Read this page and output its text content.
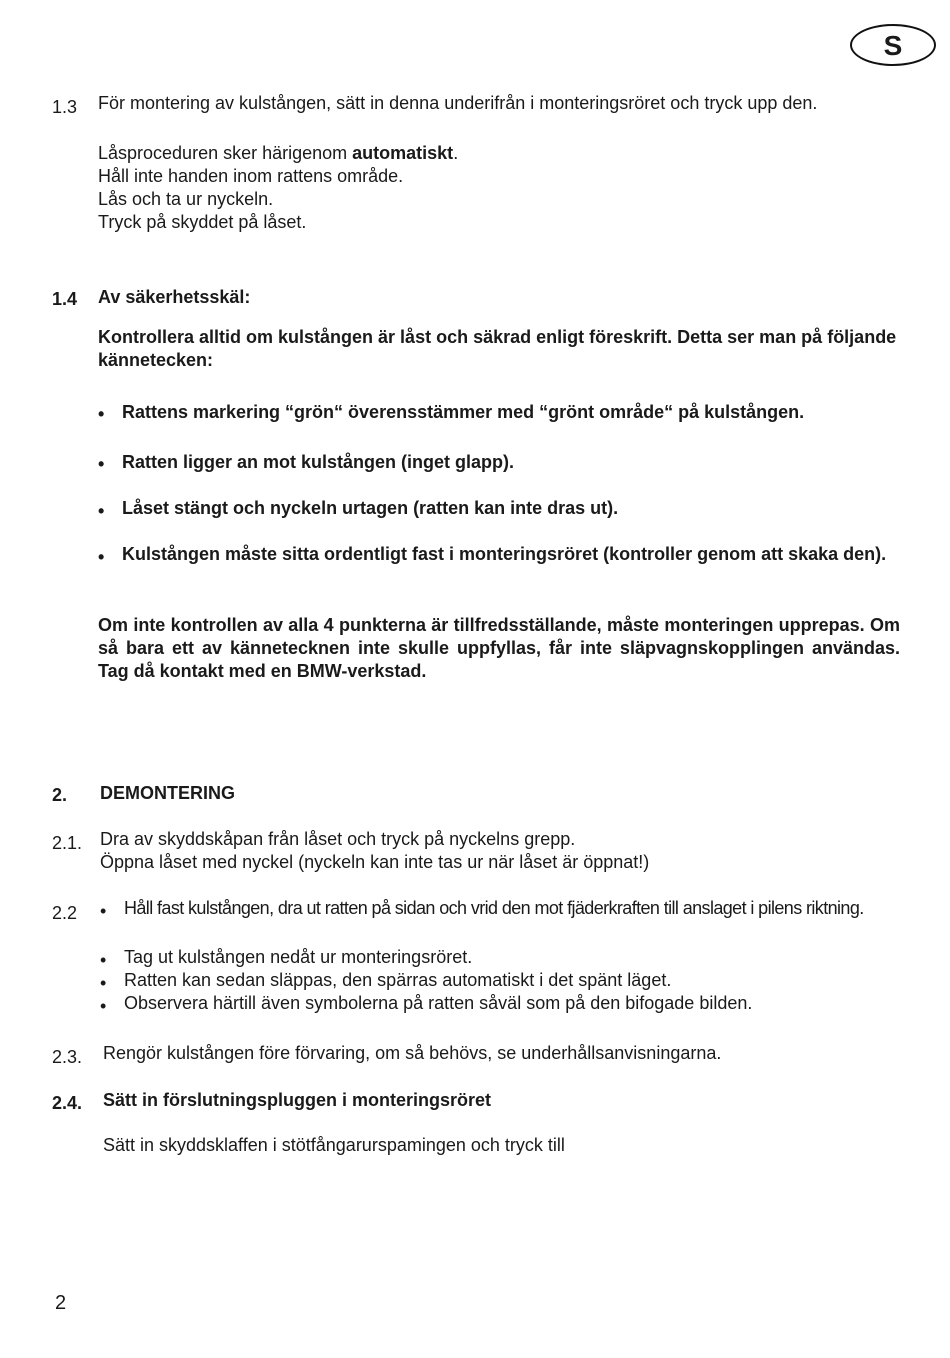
S
1.3 För montering av kulstången, sätt in denna underifrån i monteringsröret och tryck upp den.
Låsproceduren sker härigenom automatiskt.
Håll inte handen inom rattens område.
Lås och ta ur nyckeln.
Tryck på skyddet på låset.
1.4 Av säkerhetsskäl:
Kontrollera alltid om kulstången är låst och säkrad enligt föreskrift. Detta ser man på följande kännetecken:
• Rattens markering “grön“ överensstämmer med “grönt område“ på kulstången.
• Ratten ligger an mot kulstången (inget glapp).
• Låset stängt och nyckeln urtagen (ratten kan inte dras ut).
• Kulstången måste sitta ordentligt fast i monteringsröret (kontroller genom att skaka den).
Om inte kontrollen av alla 4 punkterna är tillfredsställande, måste monteringen upprepas. Om så bara ett av kännetecknen inte skulle uppfyllas, får inte släpvagnskopplingen användas. Tag då kontakt med en BMW-verkstad.
2. DEMONTERING
2.1. Dra av skyddskåpan från låset och tryck på nyckelns grepp.
Öppna låset med nyckel (nyckeln kan inte tas ur när låset är öppnat!)
2.2 • Håll fast kulstången, dra ut ratten på sidan och vrid den mot fjäderkraften till anslaget i pilens riktning.
• Tag ut kulstången nedåt ur monteringsröret.
• Ratten kan sedan släppas, den spärras automatiskt i det spänt läget.
• Observera härtill även symbolerna på ratten såväl som på den bifogade bilden.
2.3. Rengör kulstången före förvaring, om så behövs, se underhållsanvisningarna.
2.4. Sätt in förslutningspluggen i monteringsröret
Sätt in skyddsklaffen i stötfångarurspamingen och tryck till
2
